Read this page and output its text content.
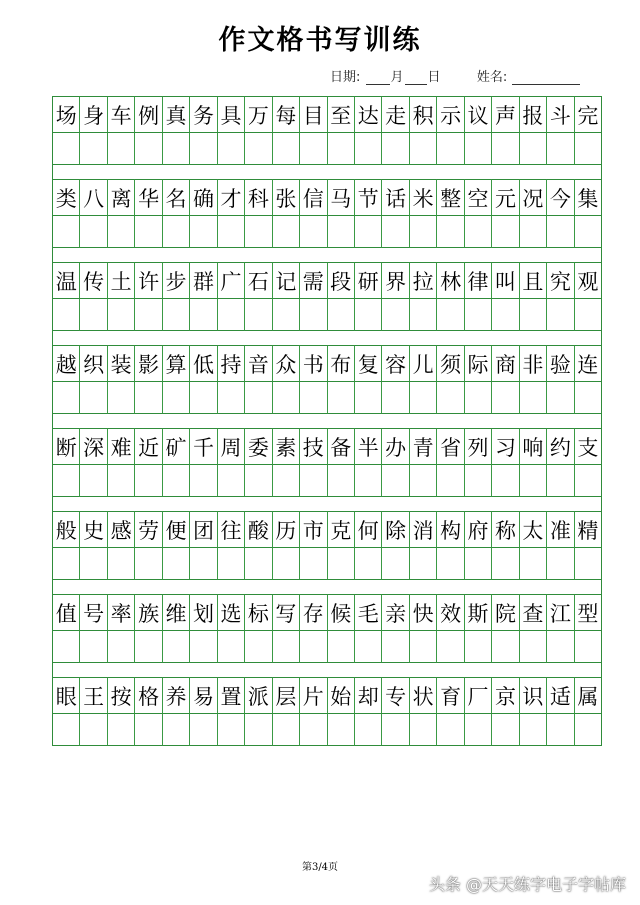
作文格书写训练
日期: 月 日	姓名:
场 身 车 例 真 务 具 万 每 目 至 达 走 积 示 议 声 报 斗 完
类 八 离 华 名 确 才 科 张 信 马 节 话 米 整 空 元 况 今 集
温 传 土 许 步 群 广 石 记 需 段 研 界 拉 林 律 叫 且 究 观
越 织 装 影 算 低 持 音 众 书 布 复 容 儿 须 际 商 非 验 连
断 深 难 近 矿 千 周 委 素 技 备 半 办 青 省 列 习 响 约 支
般 史 感 劳 便 团 往 酸 历 市 克 何 除 消 构 府 称 太 准 精
值 号 率 族 维 划 选 标 写 存 候 毛 亲 快 效 斯 院 查 江 型
眼 王 按 格 养 易 置 派 层 片 始 却 专 状 育 厂 京 识 适 属
第3/4页
头条 @天天练字电子字帖库
